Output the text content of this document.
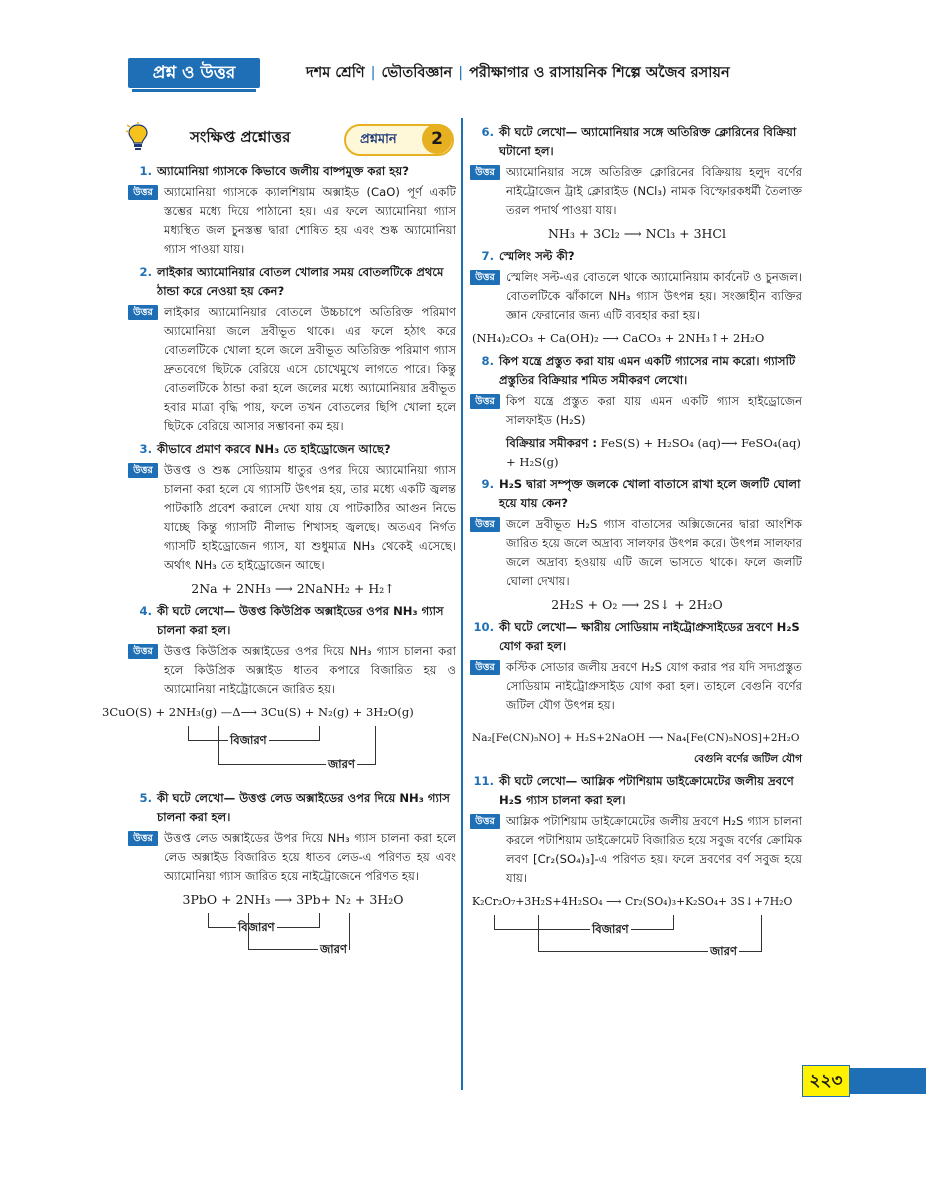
প্রশ্ন ও উত্তর	দশম শ্রেণি | ভৌতবিজ্ঞান | পরীক্ষাগার ও রাসায়নিক শিল্পে অজৈব রসায়ন
সংক্ষিপ্ত প্রশ্নোত্তর	প্রশ্নমান	2
1. অ্যামোনিয়া গ্যাসকে কিভাবে জলীয় বাষ্পমুক্ত করা হয়?
উত্তর অ্যামোনিয়া গ্যাসকে ক্যালশিয়াম অক্সাইড (CaO) পূর্ণ একটি স্তম্ভের মধ্যে দিয়ে পাঠানো হয়। এর ফলে অ্যামোনিয়া গ্যাস মধ্যস্থিত জল চুনস্তম্ভ দ্বারা শোষিত হয় এবং শুষ্ক অ্যামোনিয়া গ্যাস পাওয়া যায়।
2. লাইকার অ্যামোনিয়ার বোতল খোলার সময় বোতলটিকে প্রথমে ঠান্ডা করে নেওয়া হয় কেন?
উত্তর লাইকার অ্যামোনিয়ার বোতলে উচ্চচাপে অতিরিক্ত পরিমাণ অ্যামোনিয়া জলে দ্রবীভূত থাকে। এর ফলে হঠাৎ করে বোতলটিকে খোলা হলে জলে দ্রবীভূত অতিরিক্ত পরিমাণ গ্যাস দ্রুতবেগে ছিটকে বেরিয়ে এসে চোখেমুখে লাগতে পারে। কিন্তু বোতলটিকে ঠান্ডা করা হলে জলের মধ্যে অ্যামোনিয়ার দ্রবীভূত হবার মাত্রা বৃদ্ধি পায়, ফলে তখন বোতলের ছিপি খোলা হলে ছিটকে বেরিয়ে আসার সম্ভাবনা কম হয়।
3. কীভাবে প্রমাণ করবে NH₃ তে হাইড্রোজেন আছে?
উত্তর উত্তপ্ত ও শুষ্ক সোডিয়াম ধাতুর ওপর দিয়ে অ্যামোনিয়া গ্যাস চালনা করা হলে যে গ্যাসটি উৎপন্ন হয়, তার মধ্যে একটি জ্বলন্ত পাটকাঠি প্রবেশ করালে দেখা যায় যে পাটকাঠির আগুন নিভে যাচ্ছে কিন্তু গ্যাসটি নীলাভ শিখাসহ জ্বলছে। অতএব নির্গত গ্যাসটি হাইড্রোজেন গ্যাস, যা শুধুমাত্র NH₃ থেকেই এসেছে। অর্থাৎ NH₃ তে হাইড্রোজেন আছে।
2Na + 2NH₃ ⟶ 2NaNH₂ + H₂↑
4. কী ঘটে লেখো— উত্তপ্ত কিউপ্রিক অক্সাইডের ওপর NH₃ গ্যাস চালনা করা হল।
উত্তর উত্তপ্ত কিউপ্রিক অক্সাইডের ওপর দিয়ে NH₃ গ্যাস চালনা করা হলে কিউপ্রিক অক্সাইড ধাতব কপারে বিজারিত হয় ও অ্যামোনিয়া নাইট্রোজেনে জারিত হয়।
3CuO(S) + 2NH₃(g) —Δ⟶ 3Cu(S) + N₂(g) + 3H₂O(g)
বিজারণ
জারণ
5. কী ঘটে লেখো— উত্তপ্ত লেড অক্সাইডের ওপর দিয়ে NH₃ গ্যাস চালনা করা হল।
উত্তর উত্তপ্ত লেড অক্সাইডের উপর দিয়ে NH₃ গ্যাস চালনা করা হলে লেড অক্সাইড বিজারিত হয়ে ধাতব লেড-এ পরিণত হয় এবং অ্যামোনিয়া গ্যাস জারিত হয়ে নাইট্রোজেনে পরিণত হয়।
3PbO + 2NH₃ ⟶ 3Pb+ N₂ + 3H₂O
বিজারণ
জারণ
6. কী ঘটে লেখো— অ্যামোনিয়ার সঙ্গে অতিরিক্ত ক্লোরিনের বিক্রিয়া ঘটানো হল।
উত্তর অ্যামোনিয়ার সঙ্গে অতিরিক্ত ক্লোরিনের বিক্রিয়ায় হলুদ বর্ণের নাইট্রোজেন ট্রাই ক্লোরাইড (NCl₃) নামক বিস্ফোরকধর্মী তৈলাক্ত তরল পদার্থ পাওয়া যায়।
NH₃ + 3Cl₂ ⟶ NCl₃ + 3HCl
7. স্মেলিং সল্ট কী?
উত্তর স্মেলিং সল্ট-এর বোতলে থাকে অ্যামোনিয়াম কার্বনেট ও চুনজল। বোতলটিকে ঝাঁকালে NH₃ গ্যাস উৎপন্ন হয়। সংজ্ঞাহীন ব্যক্তির জ্ঞান ফেরানোর জন্য এটি ব্যবহার করা হয়।
(NH₄)₂CO₃ + Ca(OH)₂ ⟶ CaCO₃ + 2NH₃↑+ 2H₂O
8. কিপ যন্ত্রে প্রস্তুত করা যায় এমন একটি গ্যাসের নাম করো। গ্যাসটি প্রস্তুতির বিক্রিয়ার শমিত সমীকরণ লেখো।
উত্তর কিপ যন্ত্রে প্রস্তুত করা যায় এমন একটি গ্যাস হাইড্রোজেন সালফাইড (H₂S)
বিক্রিয়ার সমীকরণ : FeS(S) + H₂SO₄ (aq)⟶ FeSO₄(aq) + H₂S(g)
9. H₂S দ্বারা সম্পৃক্ত জলকে খোলা বাতাসে রাখা হলে জলটি ঘোলা হয়ে যায় কেন?
উত্তর জলে দ্রবীভূত H₂S গ্যাস বাতাসের অক্সিজেনের দ্বারা আংশিক জারিত হয়ে জলে অদ্রাব্য সালফার উৎপন্ন করে। উৎপন্ন সালফার জলে অদ্রাব্য হওয়ায় এটি জলে ভাসতে থাকে। ফলে জলটি ঘোলা দেখায়।
2H₂S + O₂ ⟶ 2S↓ + 2H₂O
10. কী ঘটে লেখো— ক্ষারীয় সোডিয়াম নাইট্রোপ্রুসাইডের দ্রবণে H₂S যোগ করা হল।
উত্তর কস্টিক সোডার জলীয় দ্রবণে H₂S যোগ করার পর যদি সদ্যপ্রস্তুত সোডিয়াম নাইট্রোপ্রুসাইড যোগ করা হল। তাহলে বেগুনি বর্ণের জটিল যৌগ উৎপন্ন হয়।
Na₂[Fe(CN)₅NO] + H₂S+2NaOH ⟶ Na₄[Fe(CN)₅NOS]+2H₂O
বেগুনি বর্ণের জটিল যৌগ
11. কী ঘটে লেখো— আম্লিক পটাশিয়াম ডাইক্রোমেটের জলীয় দ্রবণে H₂S গ্যাস চালনা করা হল।
উত্তর আম্লিক পটাশিয়াম ডাইক্রোমেটের জলীয় দ্রবণে H₂S গ্যাস চালনা করলে পটাশিয়াম ডাইক্রোমেট বিজারিত হয়ে সবুজ বর্ণের ক্রোমিক লবণ [Cr₂(SO₄)₃]-এ পরিণত হয়। ফলে দ্রবণের বর্ণ সবুজ হয়ে যায়।
K₂Cr₂O₇+3H₂S+4H₂SO₄ ⟶ Cr₂(SO₄)₃+K₂SO₄+ 3S↓+7H₂O
বিজারণ
জারণ
২২৩
